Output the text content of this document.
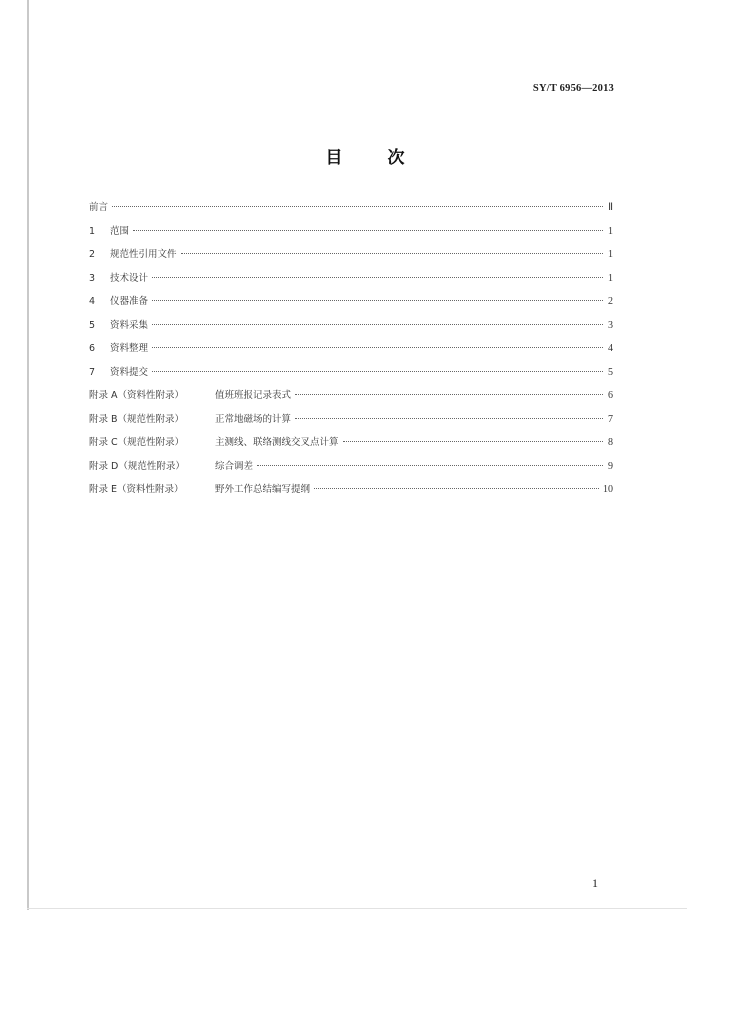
SY/T 6956—2013
目	次
前言	Ⅱ
1 范围	1
2 规范性引用文件	1
3 技术设计	1
4 仪器准备	2
5 资料采集	3
6 资料整理	4
7 资料提交	5
附录 A（资料性附录）	值班班报记录表式	6
附录 B（规范性附录）	正常地磁场的计算	7
附录 C（规范性附录）	主测线、联络测线交叉点计算	8
附录 D（规范性附录）	综合调差	9
附录 E（资料性附录）	野外工作总结编写提纲	10
1
